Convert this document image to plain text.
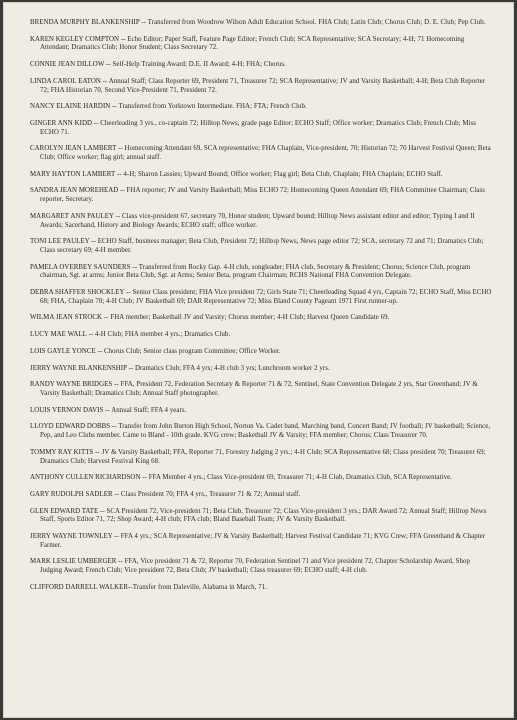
BRENDA MURPHY BLANKENSHIP -- Transferred from Woodrow Wilson Adult Education School. FHA Club; Latin Club; Chorus Club; D. E. Club; Pep Club.
KAREN KEGLEY COMPTON -- Echo Editor; Paper Staff, Feature Page Editor; French Club; SCA Representative; SCA Secretary; 4-H; 71 Homecoming Attendant; Dramatics Club; Honor Student; Class Secretary 72.
CONNIE JEAN DILLOW -- Self-Help Training Award; D.E. II Award; 4-H; FHA; Chorus.
LINDA CAROL EATON -- Annual Staff; Class Reporter 69, President 71, Treasurer 72; SCA Representative; JV and Varsity Basketball; 4-H; Beta Club Reporter 72; FHA Historian 70, Second Vice-President 71, President 72.
NANCY ELAINE HARDIN -- Transferred from Yorktown Intermediate. FHA; FTA; French Club.
GINGER ANN KIDD -- Cheerleading 3 yrs., co-captain 72; Hilltop News, grade page Editor; ECHO Staff; Office worker; Dramatics Club; French Club; Miss ECHO 71.
CAROLYN JEAN LAMBERT -- Homecoming Attendant 69, SCA representative; FHA Chaplain, Vice-president, 70; Historian 72; 70 Harvest Festival Queen; Beta Club; Office worker; flag girl; annual staff.
MARY HAYTON LAMBERT -- 4-H; Sharon Lassies; Upward Bound; Office worker; Flag girl; Beta Club, Chaplain; FHA Chaplain; ECHO Staff.
SANDRA JEAN MOREHEAD -- FHA reporter; JV and Varsity Basketball; Miss ECHO 72; Homecoming Queen Attendant 69; FHA Committee Chairman; Class reporter, Secretary.
MARGARET ANN PAULEY -- Class vice-president 67, secretary 70, Honor student; Upward bound; Hilltop News assistant editor and editor; Typing I and II Awards; Sacerhand, History and Biology Awards; ECHO staff; office worker.
TONI LEE PAULEY -- ECHO Staff, business manager; Beta Club, President 72; Hilltop News, News page editor 72; SCA, secretary 72 and 71; Dramatics Club; Class secretary 69; 4-H member.
PAMELA OVERBEY SAUNDERS -- Transferred from Rocky Gap. 4-H club, songleader; FHA club, Secretary & President; Chorus; Science Club, program chairman, Sgt. at arms; Junior Beta Club, Sgt. at Arms; Senior Beta, program Chairman; RCHS National FHA Convention Delegate.
DEBRA SHAFFER SHOCKLEY -- Senior Class president; FHA Vice president 72; Girls State 71; Cheerleading Squad 4 yrs, Captain 72; ECHO Staff, Miss ECHO 68; FHA, Chaplain 70; 4-H Club; JV Basketball 69; DAR Representative 72; Miss Bland County Pageant 1971 First runner-up.
WILMA JEAN STROCK -- FHA member; Basketball JV and Varsity; Chorus member; 4-H Club; Harvest Queen Candidate 69.
LUCY MAE WALL -- 4-H Club; FHA member 4 yrs.; Dramatics Club.
LOIS GAYLE YONCE -- Chorus Club; Senior class program Committee; Office Worker.
JERRY WAYNE BLANKENSHIP -- Dramatics Club; FFA 4 yrs; 4-H club 3 yrs; Lunchroom worker 2 yrs.
RANDY WAYNE BRIDGES -- FFA, President 72, Federation Secretary & Reporter 71 & 72, Sentinel, State Convention Delegate 2 yrs, Star Greenhand; JV & Varsity Basketball; Dramatics Club; Annual Staff photographer.
LOUIS VERNON DAVIS -- Annual Staff; FFA 4 years.
LLOYD EDWARD DOBBS -- Transfer from John Burton High School, Norton Va. Cadet band, Marching band, Concert Band; JV football; JV basketball; Science, Pep, and Leo Clubs member. Came to Bland - 10th grade. KVG crew; Basketball JV & Varsity; FFA member; Chorus; Class Treasurer 70.
TOMMY RAY KITTS -- JV & Varsity Basketball; FFA, Reporter 71, Forestry Judging 2 yrs.; 4-H Club; SCA Representative 68; Class president 70; Treasurer 69; Dramatics Club; Harvest Festival King 68.
ANTHONY CULLEN RICHARDSON -- FFA Member 4 yrs.; Class Vice-president 69, Treasurer 71; 4-H Club, Dramatics Club, SCA Representative.
GARY RUDOLPH SADLER -- Class President 70; FFA 4 yrs., Treasurer 71 & 72; Annual staff.
GLEN EDWARD TATE -- SCA President 72, Vice-president 71; Beta Club, Treasurer 72; Class Vice-president 3 yrs.; DAR Award 72; Annual Staff; Hilltop News Staff, Sports Editor 71, 72; Shop Award; 4-H club; FFA club; Bland Baseball Team; JV & Varsity Basketball.
JERRY WAYNE TOWNLEY -- FFA 4 yrs.; SCA Representative; JV & Varsity Basketball; Harvest Festival Candidate 71; KVG Crew; FFA Greenhand & Chapter Farmer.
MARK LESLIE UMBERGER -- FFA, Vice president 71 & 72, Reporter 70, Federation Sentinel 71 and Vice president 72, Chapter Scholarship Award, Shop Judging Award; French Club; Vice president 72, Beta Club; JV basketball; Class treasurer 69; ECHO staff; 4-H club.
CLIFFORD DARRELL WALKER--Transfer from Daleville, Alabama in March, 71.
